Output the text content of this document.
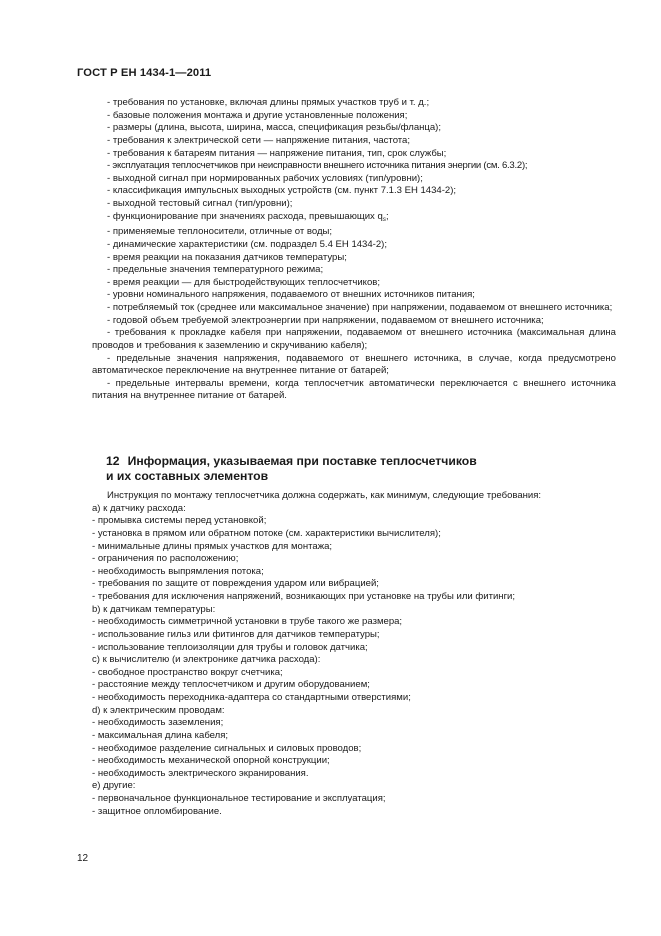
ГОСТ Р ЕН 1434-1—2011
- требования по установке, включая длины прямых участков труб и т. д.;
- базовые положения монтажа и другие установленные положения;
- размеры (длина, высота, ширина, масса, спецификация резьбы/фланца);
- требования к электрической сети — напряжение питания, частота;
- требования к батареям питания — напряжение питания, тип, срок службы;
- эксплуатация теплосчетчиков при неисправности внешнего источника питания энергии (см. 6.3.2);
- выходной сигнал при нормированных рабочих условиях (тип/уровни);
- классификация импульсных выходных устройств (см. пункт 7.1.3 ЕН 1434-2);
- выходной тестовый сигнал (тип/уровни);
- функционирование при значениях расхода, превышающих $q_s$;
- применяемые теплоносители, отличные от воды;
- динамические характеристики (см. подраздел 5.4 ЕН 1434-2);
- время реакции на показания датчиков температуры;
- предельные значения температурного режима;
- время реакции — для быстродействующих теплосчетчиков;
- уровни номинального напряжения, подаваемого от внешних источников питания;

- потребляемый ток (среднее или максимальное значение) при напряжении, подаваемом от внешнего источника;

- годовой объем требуемой электроэнергии при напряжении, подаваемом от внешнего источника;

- требования к прокладке кабеля при напряжении, подаваемом от внешнего источника (максимальная длина проводов и требования к заземлению и скручиванию кабеля);

- предельные значения напряжения, подаваемого от внешнего источника, в случае, когда предусмотрено автоматическое переключение на внутреннее питание от батарей;

- предельные интервалы времени, когда теплосчетчик автоматически переключается с внешнего источника питания на внутреннее питание от батарей.

12 Информация, указываемая при поставке теплосчетчиков
и их составных элементов
Инструкция по монтажу теплосчетчика должна содержать, как минимум, следующие требования:
a) к датчику расхода:
- промывка системы перед установкой;
- установка в прямом или обратном потоке (см. характеристики вычислителя);
- минимальные длины прямых участков для монтажа;
- ограничения по расположению;
- необходимость выпрямления потока;
- требования по защите от повреждения ударом или вибрацией;
- требования для исключения напряжений, возникающих при установке на трубы или фитинги;
b) к датчикам температуры:
- необходимость симметричной установки в трубе такого же размера;
- использование гильз или фитингов для датчиков температуры;
- использование теплоизоляции для трубы и головок датчика;
c) к вычислителю (и электронике датчика расхода):
- свободное пространство вокруг счетчика;
- расстояние между теплосчетчиком и другим оборудованием;
- необходимость переходника-адаптера со стандартными отверстиями;
d) к электрическим проводам:
- необходимость заземления;
- максимальная длина кабеля;
- необходимое разделение сигнальных и силовых проводов;
- необходимость механической опорной конструкции;
- необходимость электрического экранирования.
e) другие:
- первоначальное функциональное тестирование и эксплуатация;
- защитное опломбирование.
12
